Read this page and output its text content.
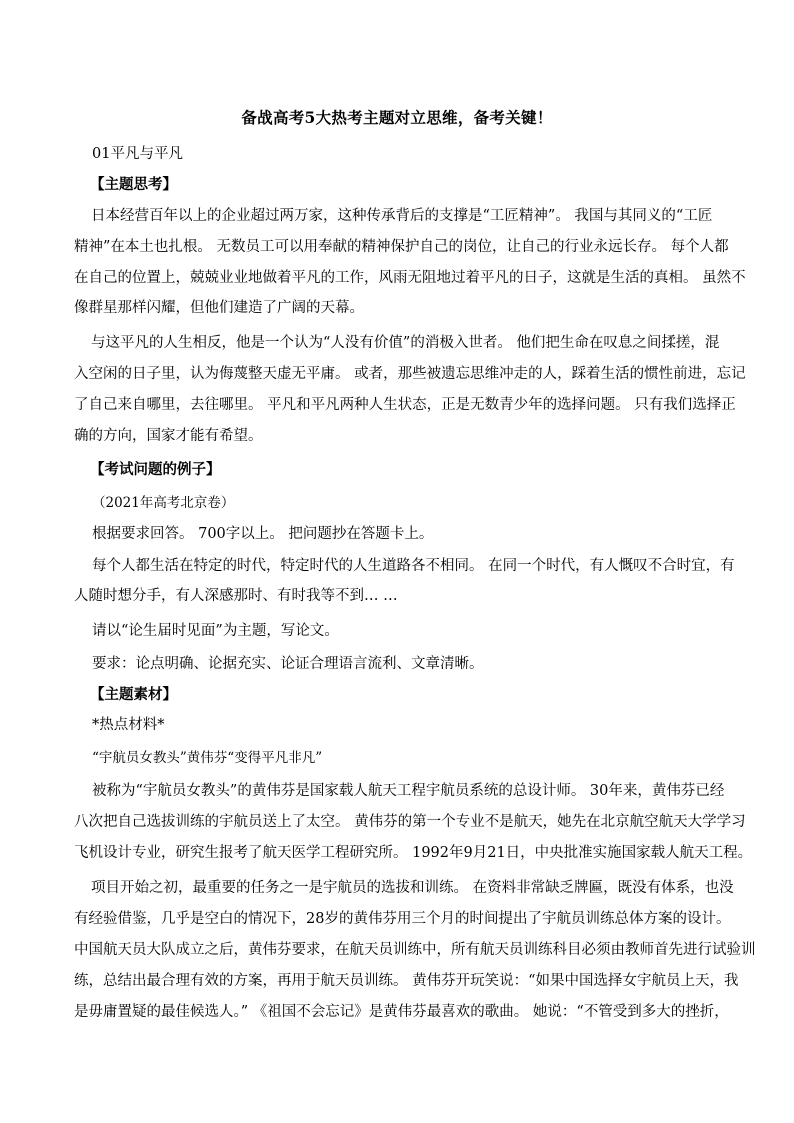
备战高考5大热考主题对立思维，备考关键！
01平凡与平凡
【主题思考】
　　日本经营百年以上的企业超过两万家，这种传承背后的支撑是“工匠精神”。 我国与其同义的“工匠
精神”在本土也扎根。 无数员工可以用奉献的精神保护自己的岗位，让自己的行业永远长存。 每个人都
在自己的位置上，兢兢业业地做着平凡的工作，风雨无阻地过着平凡的日子，这就是生活的真相。 虽然不
像群星那样闪耀，但他们建造了广阔的天幕。
　　与这平凡的人生相反，他是一个认为“人没有价值”的消极入世者。 他们把生命在叹息之间揉搓，混
入空闲的日子里，认为侮蔑整天虚无平庸。 或者，那些被遗忘思维冲走的人，踩着生活的惯性前进，忘记
了自己来自哪里，去往哪里。 平凡和平凡两种人生状态，正是无数青少年的选择问题。 只有我们选择正
确的方向，国家才能有希望。
【考试问题的例子】
（2021年高考北京卷）
根据要求回答。 700字以上。 把问题抄在答题卡上。
每个人都生活在特定的时代，特定时代的人生道路各不相同。 在同一个时代，有人慨叹不合时宜，有
人随时想分手，有人深感那时、有时我等不到… …
请以“论生届时见面”为主题，写论文。
要求：论点明确、论据充实、论证合理语言流利、文章清晰。
【主题素材】
*热点材料*
“宇航员女教头”黄伟芬“变得平凡非凡”
被称为“宇航员女教头”的黄伟芬是国家载人航天工程宇航员系统的总设计师。 30年来，黄伟芬已经
八次把自己选拔训练的宇航员送上了太空。 黄伟芬的第一个专业不是航天，她先在北京航空航天大学学习
飞机设计专业，研究生报考了航天医学工程研究所。 1992年9月21日，中央批准实施国家载人航天工程。
　　项目开始之初，最重要的任务之一是宇航员的选拔和训练。 在资料非常缺乏牌匾，既没有体系，也没
有经验借鉴，几乎是空白的情况下，28岁的黄伟芬用三个月的时间提出了宇航员训练总体方案的设计。
中国航天员大队成立之后，黄伟芬要求，在航天员训练中，所有航天员训练科目必须由教师首先进行试验训
练，总结出最合理有效的方案，再用于航天员训练。 黄伟芬开玩笑说：“如果中国选择女宇航员上天，我
是毋庸置疑的最佳候选人。” 《祖国不会忘记》是黄伟芬最喜欢的歌曲。 她说：“不管受到多大的挫折，
